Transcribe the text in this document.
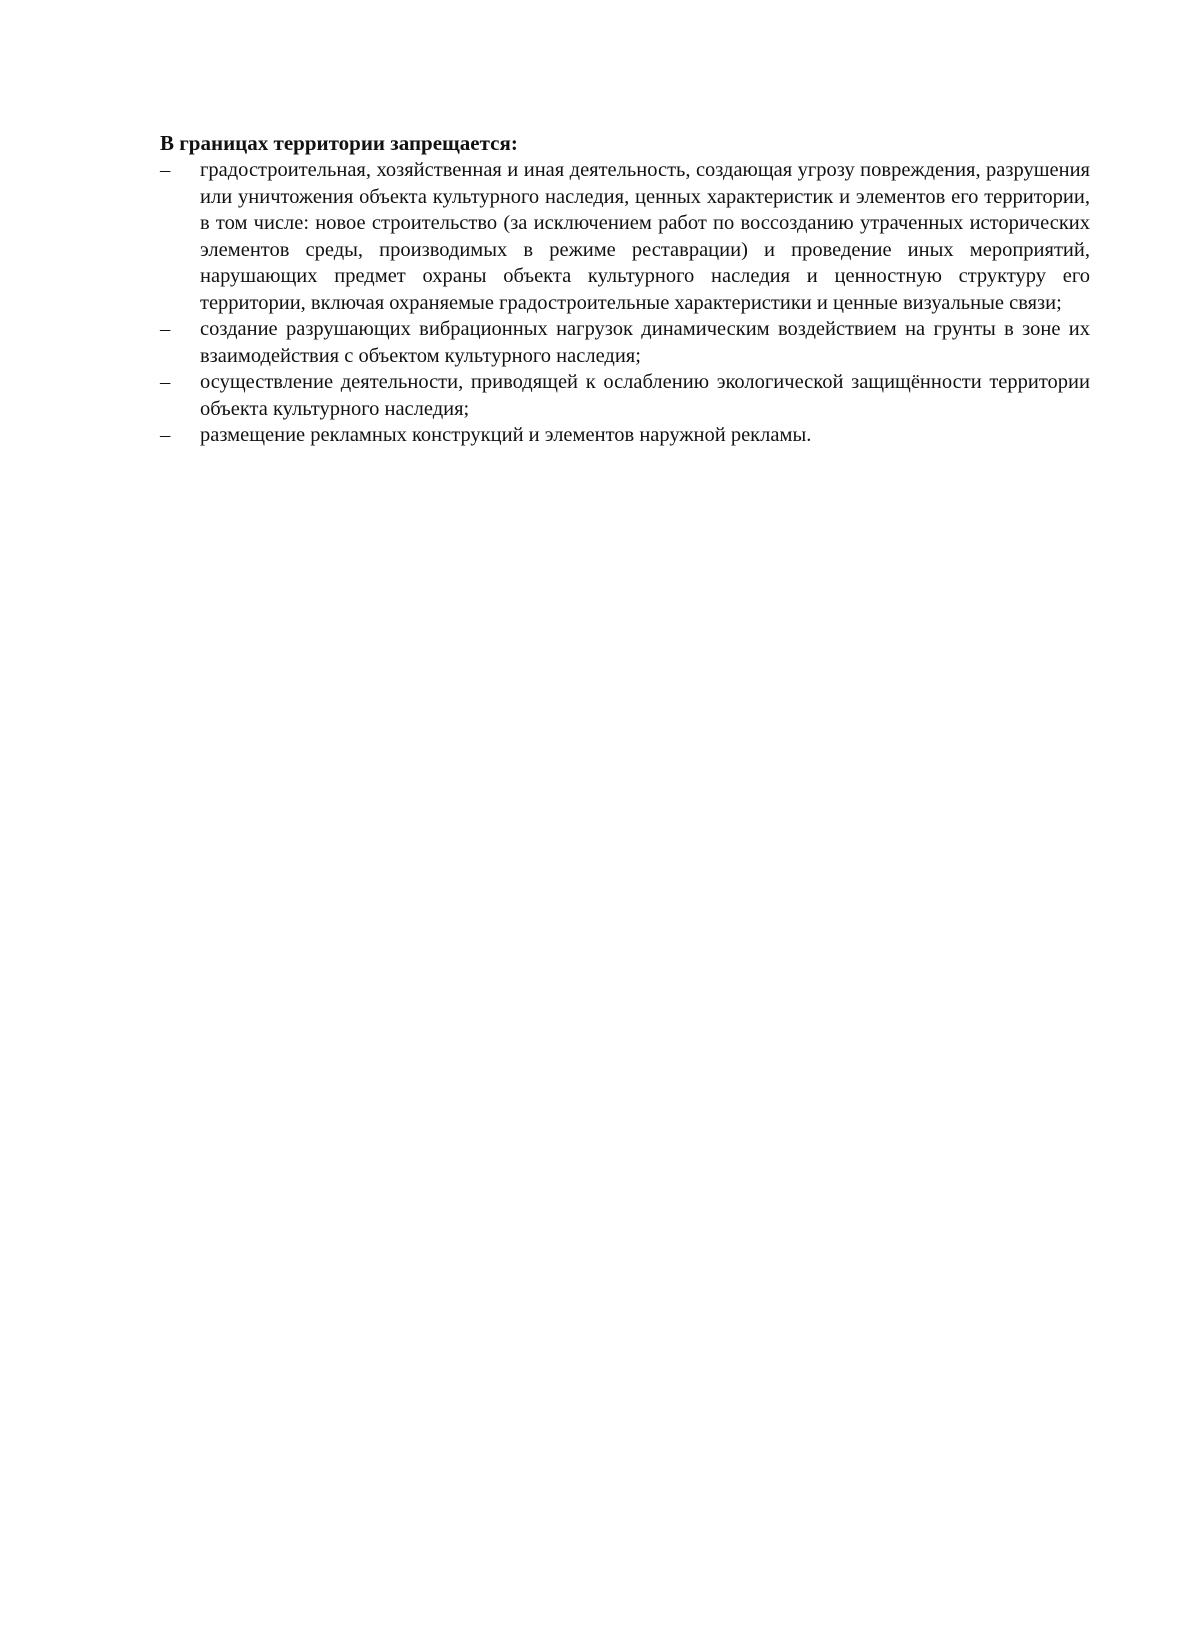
В границах территории запрещается:
–	градостроительная, хозяйственная и иная деятельность, создающая угрозу повреждения, разрушения или уничтожения объекта культурного наследия, ценных характеристик и элементов его территории, в том числе: новое строительство (за исключением работ по воссозданию утраченных исторических элементов среды, производимых в режиме реставрации) и проведение иных мероприятий, нарушающих предмет охраны объекта культурного наследия и ценностную структуру его территории, включая охраняемые градостроительные характеристики и ценные визуальные связи;
–	создание разрушающих вибрационных нагрузок динамическим воздействием на грунты в зоне их взаимодействия с объектом культурного наследия;
–	осуществление деятельности, приводящей к ослаблению экологической защищённости территории объекта культурного наследия;
–	размещение рекламных конструкций и элементов наружной рекламы.
